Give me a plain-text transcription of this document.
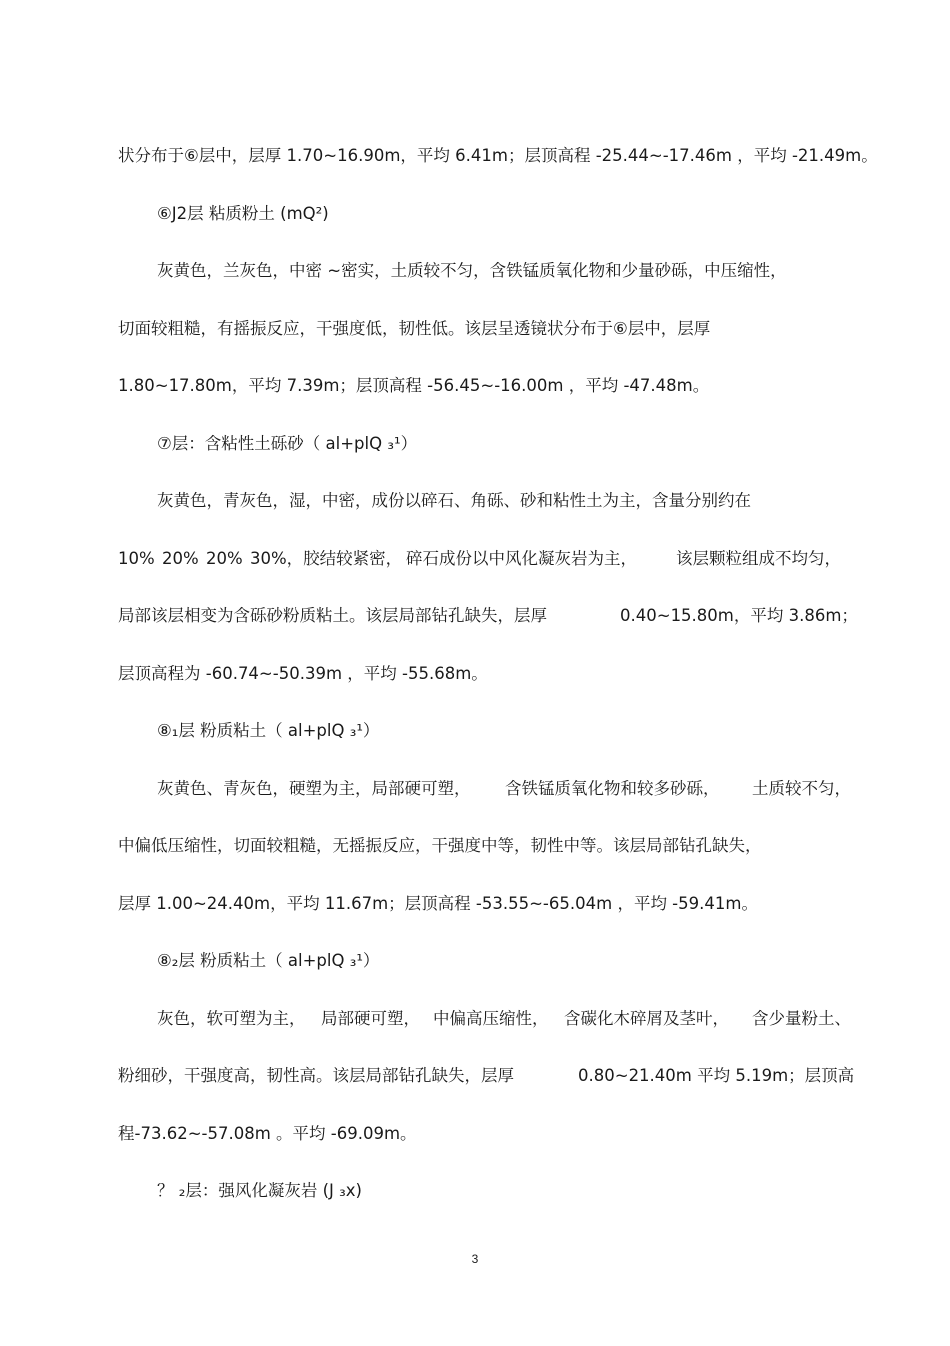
状分布于⑥层中，层厚 1.70~16.90m，平均 6.41m；层顶高程 -25.44~-17.46m ，平均 -21.49m。
⑥J2层 粘质粉土 (mQ²)
灰黄色，兰灰色，中密 ~密实，土质较不匀，含铁锰质氧化物和少量砂砾，中压缩性，
切面较粗糙，有摇振反应，干强度低，韧性低。该层呈透镜状分布于⑥层中，层厚
1.80~17.80m，平均 7.39m；层顶高程 -56.45~-16.00m ，平均 -47.48m。
⑦层：含粘性土砾砂（ al+plQ ₃¹）
灰黄色，青灰色，湿，中密，成份以碎石、角砾、砂和粘性土为主，含量分别约在
10% 20% 20% 30%，胶结较紧密， 碎石成份以中风化凝灰岩为主， 该层颗粒组成不均匀，
局部该层相变为含砾砂粉质粘土。该层局部钻孔缺失，层厚	0.40~15.80m，平均 3.86m；
层顶高程为 -60.74~-50.39m ，平均 -55.68m。
⑧₁层 粉质粘土（ al+plQ ₃¹）
灰黄色、青灰色，硬塑为主，局部硬可塑， 含铁锰质氧化物和较多砂砾， 土质较不匀，
中偏低压缩性，切面较粗糙，无摇振反应，干强度中等，韧性中等。该层局部钻孔缺失，
层厚 1.00~24.40m，平均 11.67m；层顶高程 -53.55~-65.04m ，平均 -59.41m。
⑧₂层 粉质粘土（ al+plQ ₃¹）
灰色，软可塑为主， 局部硬可塑， 中偏高压缩性， 含碳化木碎屑及茎叶， 含少量粉土、
粉细砂，干强度高，韧性高。该层局部钻孔缺失，层厚	0.80~21.40m 平均 5.19m；层顶高
程-73.62~-57.08m 。平均 -69.09m。
？ ₂层：强风化凝灰岩 (J ₃x)
3
